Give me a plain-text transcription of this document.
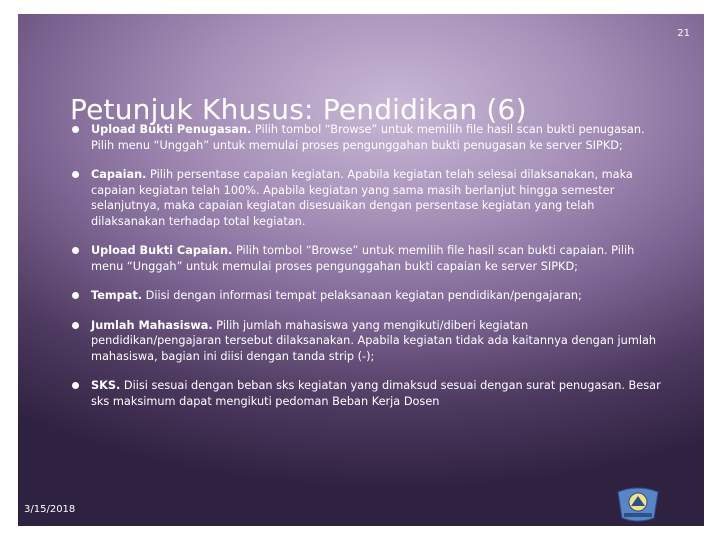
21
Petunjuk Khusus: Pendidikan (6)
Upload Bukti Penugasan. Pilih tombol “Browse” untuk memilih file hasil scan bukti penugasan. Pilih menu “Unggah” untuk memulai proses pengunggahan bukti penugasan ke server SIPKD;
Capaian. Pilih persentase capaian kegiatan. Apabila kegiatan telah selesai dilaksanakan, maka capaian kegiatan telah 100%. Apabila kegiatan yang sama masih berlanjut hingga semester selanjutnya, maka capaian kegiatan disesuaikan dengan persentase kegiatan yang telah dilaksanakan terhadap total kegiatan.
Upload Bukti Capaian. Pilih tombol “Browse” untuk memilih file hasil scan bukti capaian. Pilih menu “Unggah” untuk memulai proses pengunggahan bukti capaian ke server SIPKD;
Tempat. Diisi dengan informasi tempat pelaksanaan kegiatan pendidikan/pengajaran;
Jumlah Mahasiswa. Pilih jumlah mahasiswa yang mengikuti/diberi kegiatan pendidikan/pengajaran tersebut dilaksanakan. Apabila kegiatan tidak ada kaitannya dengan jumlah mahasiswa, bagian ini diisi dengan tanda strip (-);
SKS. Diisi sesuai dengan beban sks kegiatan yang dimaksud sesuai dengan surat penugasan. Besar sks maksimum dapat mengikuti pedoman Beban Kerja Dosen
3/15/2018
